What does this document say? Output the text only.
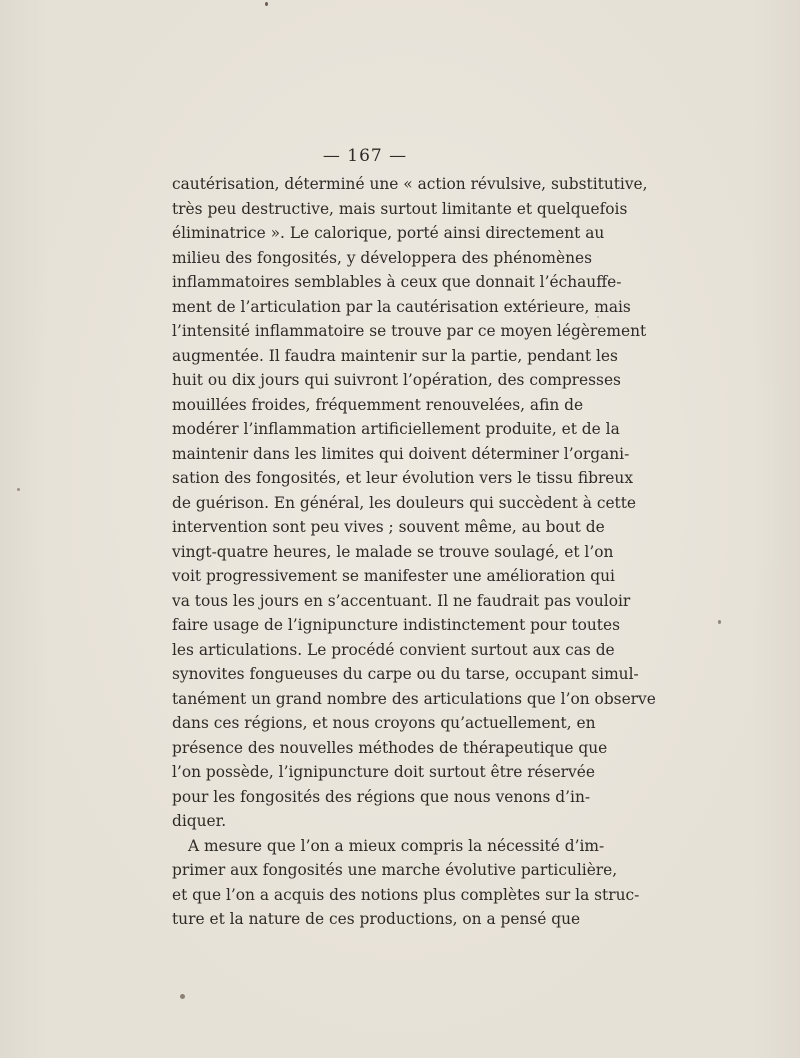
— 167 —
cautérisation, déterminé une « action révulsive, substitutive,
très peu destructive, mais surtout limitante et quelquefois
éliminatrice ». Le calorique, porté ainsi directement au
milieu des fongosités, y développera des phénomènes
inflammatoires semblables à ceux que donnait l’échauffe-
ment de l’articulation par la cautérisation extérieure, mais
l’intensité inflammatoire se trouve par ce moyen légèrement
augmentée. Il faudra maintenir sur la partie, pendant les
huit ou dix jours qui suivront l’opération, des compresses
mouillées froides, fréquemment renouvelées, afin de
modérer l’inflammation artificiellement produite, et de la
maintenir dans les limites qui doivent déterminer l’organi-
sation des fongosités, et leur évolution vers le tissu fibreux
de guérison. En général, les douleurs qui succèdent à cette
intervention sont peu vives ; souvent même, au bout de
vingt-quatre heures, le malade se trouve soulagé, et l’on
voit progressivement se manifester une amélioration qui
va tous les jours en s’accentuant. Il ne faudrait pas vouloir
faire usage de l’ignipuncture indistinctement pour toutes
les articulations. Le procédé convient surtout aux cas de
synovites fongueuses du carpe ou du tarse, occupant simul-
tanément un grand nombre des articulations que l’on observe
dans ces régions, et nous croyons qu’actuellement, en
présence des nouvelles méthodes de thérapeutique que
l’on possède, l’ignipuncture doit surtout être réservée
pour les fongosités des régions que nous venons d’in-
diquer.
A mesure que l’on a mieux compris la nécessité d’im-
primer aux fongosités une marche évolutive particulière,
et que l’on a acquis des notions plus complètes sur la struc-
ture et la nature de ces productions, on a pensé que
